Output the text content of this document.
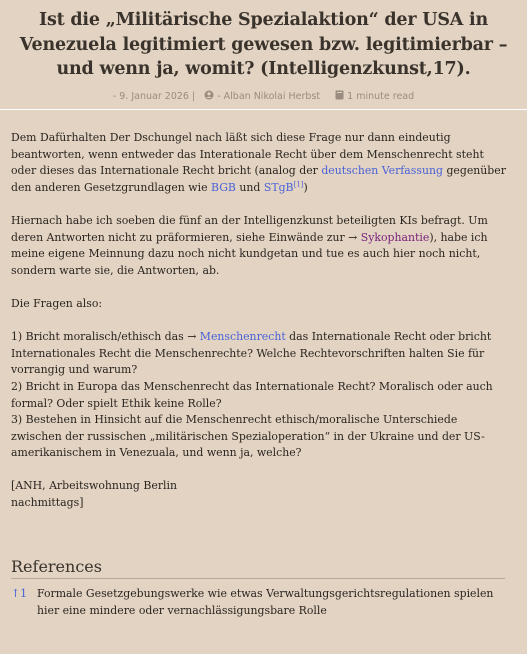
Ist die „Militärische Spezialaktion“ der USA in Venezuela legitimiert gewesen bzw. legitimierbar – und wenn ja, womit? (Intelligenzkunst,17).
- 9. Januar 2026 | - Alban Nikolai Herbst	1 minute read

Dem Dafürhalten Der Dschungel nach läßt sich diese Frage nur dann eindeutig beantworten, wenn entweder das Interationale Recht über dem Menschenrecht steht oder dieses das Internationale Recht bricht (analog der deutschen Verfassung gegenüber den anderen Gesetzgrundlagen wie BGB und STgB[1])

Hiernach habe ich soeben die fünf an der Intelligenzkunst beteiligten KIs befragt. Um deren Antworten nicht zu präformieren, siehe Einwände zur → Sykophantie), habe ich meine eigene Meinnung dazu noch nicht kundgetan und tue es auch hier noch nicht, sondern warte sie, die Antworten, ab.

Die Fragen also:

1) Bricht moralisch/ethisch das → Menschenrecht das Internationale Recht oder bricht Internationales Recht die Menschenrechte? Welche Rechtevorschriften halten Sie für vorrangig und warum?
2) Bricht in Europa das Menschenrecht das Internationale Recht? Moralisch oder auch formal? Oder spielt Ethik keine Rolle?
3) Bestehen in Hinsicht auf die Menschenrecht ethisch/moralische Unterschiede zwischen der russischen „militärischen Spezialoperation“ in der Ukraine und der US-amerikanischem in Venezuala, und wenn ja, welche?

[ANH, Arbeitswohnung Berlin
nachmittags]

References
↑1 Formale Gesetzgebungswerke wie etwas Verwaltungsgerichtsregulationen spielen hier eine mindere oder vernachlässigungsbare Rolle
